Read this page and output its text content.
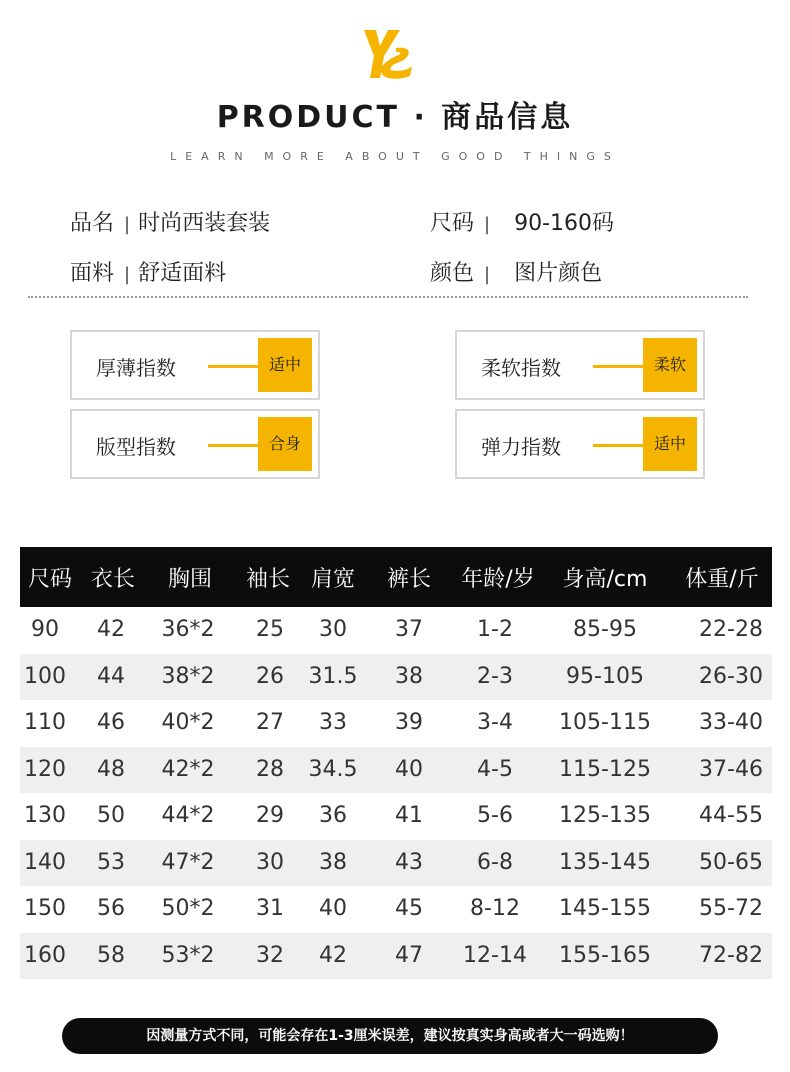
PRODUCT · 商品信息
LEARN MORE ABOUT GOOD THINGS
品名 | 时尚西装套装	尺码 | 90-160码
面料 | 舒适面料	颜色 | 图片颜色
厚薄指数	适中	柔软指数	柔软
版型指数	合身	弹力指数	适中
尺码 衣长 胸围 袖长 肩宽 裤长 年龄/岁 身高/cm 体重/斤
90 42 36*2 25 30 37 1-2	85-95	22-28
100 44 38*2 26 31.5 38 2-3 95-105	26-30
110 46 40*2 27 33 39 3-4 105-115 33-40
120 48 42*2 28 34.5 40 4-5 115-125 37-46
130 50 44*2 29 36 41 5-6 125-135 44-55
140 53 47*2 30 38 43 6-8 135-145 50-65
150 56 50*2 31 40 45 8-12 145-155 55-72
160 58 53*2 32 42 47 12-14 155-165 72-82
因测量方式不同，可能会存在1-3厘米误差，建议按真实身高或者大一码选购！
